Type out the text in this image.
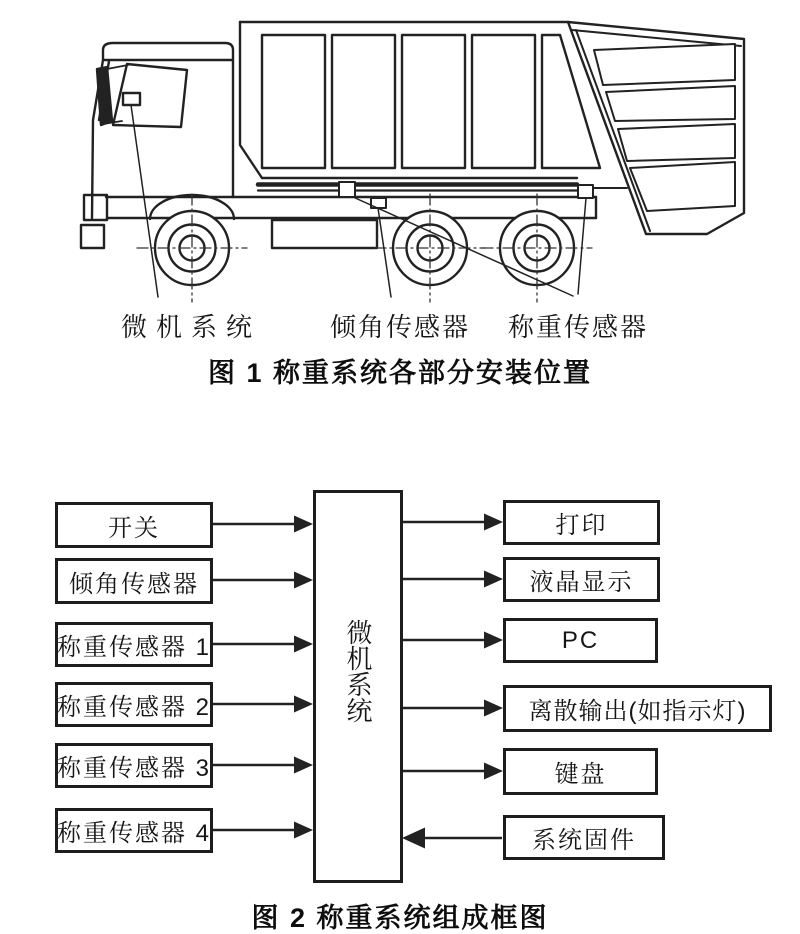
微机系统	倾角传感器 称重传感器
图 1 称重系统各部分安装位置
开关
倾角传感器
称重传感器 1
称重传感器 2
称重传感器 3
称重传感器 4
微机系统
打印
液晶显示
PC
离散输出(如指示灯)
键盘
系统固件
图 2 称重系统组成框图
